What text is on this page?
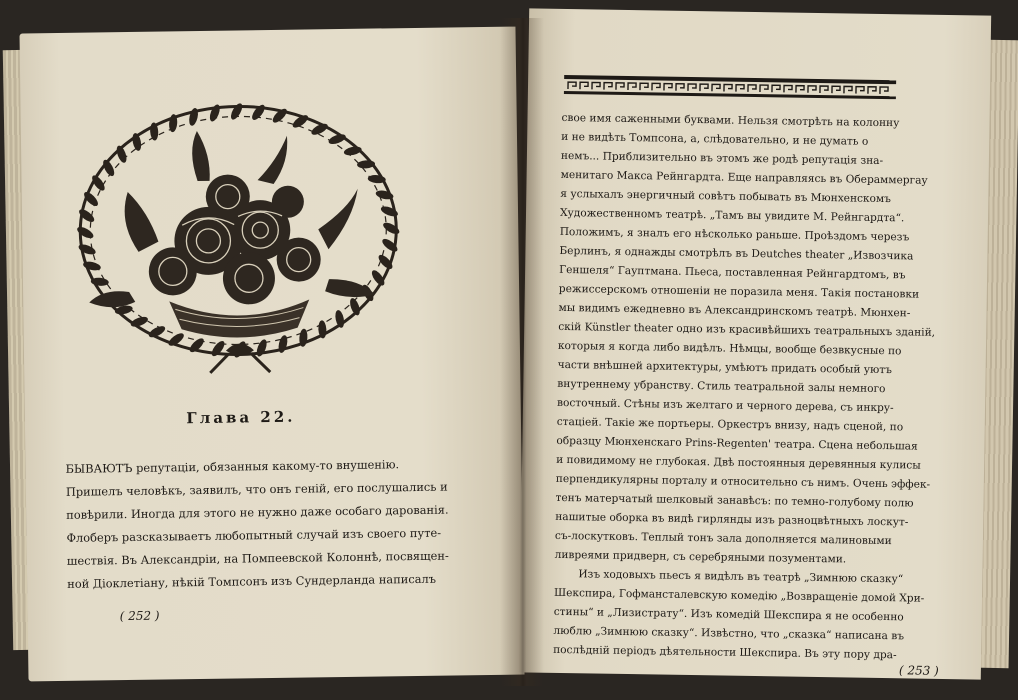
Глава 22.
БЫВАЮТЪ репутацiи, обязанныя какому-то внушенiю.
Пришелъ человѣкъ, заявилъ, что онъ генiй, его послушались и
повѣрили. Иногда для этого не нужно даже особаго дарованiя.
Флоберъ разсказываетъ любопытный случай изъ своего путе-
шествiя. Въ Александрiи, на Помпеевской Колоннѣ, посвящен-
ной Дiоклетiану, нѣкiй Томпсонъ изъ Сундерланда написалъ
( 252 )
свое имя саженными буквами. Нельзя смотрѣть на колонну
и не видѣть Томпсона, а, слѣдовательно, и не думать о
немъ... Приблизительно въ этомъ же родѣ репутацiя зна-
менитаго Макса Рейнгардта. Еще направляясь въ Обераммергау
я услыхалъ энергичный совѣтъ побывать въ Мюнхенскомъ
Художественномъ театрѣ. „Тамъ вы увидите М. Рейнгардта“.
Положимъ, я зналъ его нѣсколько раньше. Проѣздомъ черезъ
Берлинъ, я однажды смотрѣлъ въ Deutches theater „Извозчика
Геншеля“ Гауптмана. Пьеса, поставленная Рейнгардтомъ, въ
режиссерскомъ отношенiи не поразила меня. Такiя постановки
мы видимъ ежедневно въ Александринскомъ театрѣ. Мюнхен-
скiй Künstler theater одно изъ красивѣйшихъ театральныхъ зданiй,
которыя я когда либо видѣлъ. Нѣмцы, вообще безвкусные по
части внѣшней архитектуры, умѣютъ придать особый уютъ
внутреннему убранству. Стиль театральной залы немного
восточный. Стѣны изъ желтаго и черного дерева, съ инкру-
стацiей. Такiе же портьеры. Оркестръ внизу, надъ сценой, по
образцу Мюнхенскаго Prins-Regenten' театра. Сцена небольшая
и повидимому не глубокая. Двѣ постоянныя деревянныя кулисы
перпендикулярны порталу и относительно съ нимъ. Очень эффек-
тенъ матерчатый шелковый занавѣсъ: по темно-голубому полю
нашитые оборка въ видѣ гирлянды изъ разноцвѣтныхъ лоскут-
съ-лоскутковъ. Теплый тонъ зала дополняется малиновыми
ливреями придверн, съ серебряными позументами.
Изъ ходовыхъ пьесъ я видѣлъ въ театрѣ „Зимнюю сказку“
Шекспира, Гофмансталевскую комедiю „Возвращенiе домой Хри-
стины“ и „Лизистрату“. Изъ комедiй Шекспира я не особенно
люблю „Зимнюю сказку“. Извѣстно, что „сказка“ написана въ
послѣднiй перiодъ дѣятельности Шекспира. Въ эту пору дра-
( 253 )
